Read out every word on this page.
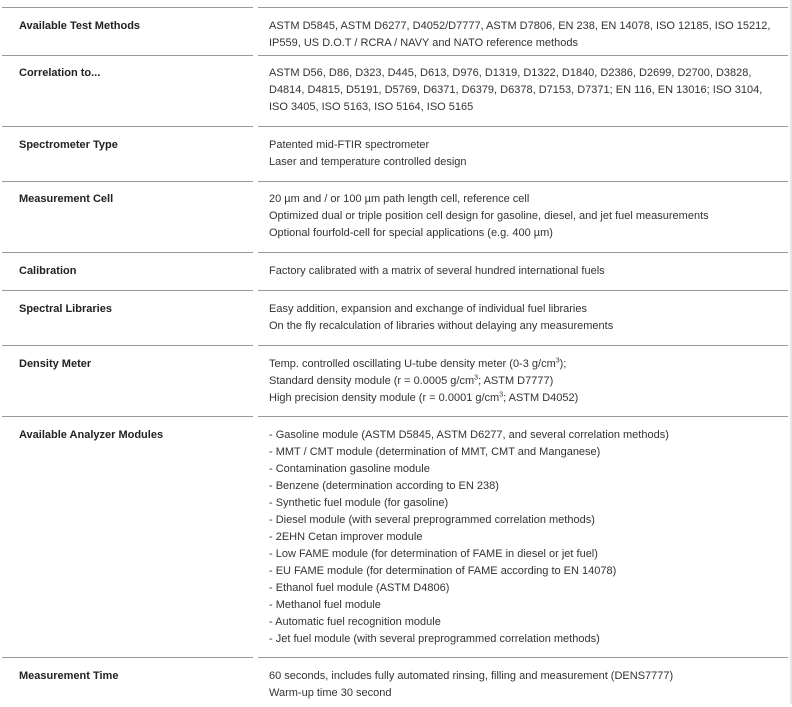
Available Test Methods	ASTM D5845, ASTM D6277, D4052/D7777, ASTM D7806, EN 238, EN 14078, ISO 12185, ISO 15212,
IP559, US D.O.T / RCRA / NAVY and NATO reference methods
Correlation to...	ASTM D56, D86, D323, D445, D613, D976, D1319, D1322, D1840, D2386, D2699, D2700, D3828,
D4814, D4815, D5191, D5769, D6371, D6379, D6378, D7153, D7371; EN 116, EN 13016; ISO 3104,
ISO 3405, ISO 5163, ISO 5164, ISO 5165
Spectrometer Type	Patented mid-FTIR spectrometer
Laser and temperature controlled design
Measurement Cell	20 µm and / or 100 µm path length cell, reference cell
Optimized dual or triple position cell design for gasoline, diesel, and jet fuel measurements
Optional fourfold-cell for special applications (e.g. 400 µm)
Calibration	Factory calibrated with a matrix of several hundred international fuels
Spectral Libraries	Easy addition, expansion and exchange of individual fuel libraries
On the fly recalculation of libraries without delaying any measurements
Density Meter	Temp. controlled oscillating U-tube density meter (0-3 $g/cm^3$);
Standard density module (r = 0.0005 $g/cm^3$; ASTM D7777)
High precision density module (r = 0.0001 $g/cm^3$; ASTM D4052)
Available Analyzer Modules	- Gasoline module (ASTM D5845, ASTM D6277, and several correlation methods)
- MMT / CMT module (determination of MMT, CMT and Manganese)
- Contamination gasoline module
- Benzene (determination according to EN 238)
- Synthetic fuel module (for gasoline)
- Diesel module (with several preprogrammed correlation methods)
- 2EHN Cetan improver module
- Low FAME module (for determination of FAME in diesel or jet fuel)
- EU FAME module (for determination of FAME according to EN 14078)
- Ethanol fuel module (ASTM D4806)
- Methanol fuel module
- Automatic fuel recognition module
- Jet fuel module (with several preprogrammed correlation methods)
Measurement Time	60 seconds, includes fully automated rinsing, filling and measurement (DENS7777)
Warm-up time 30 second
